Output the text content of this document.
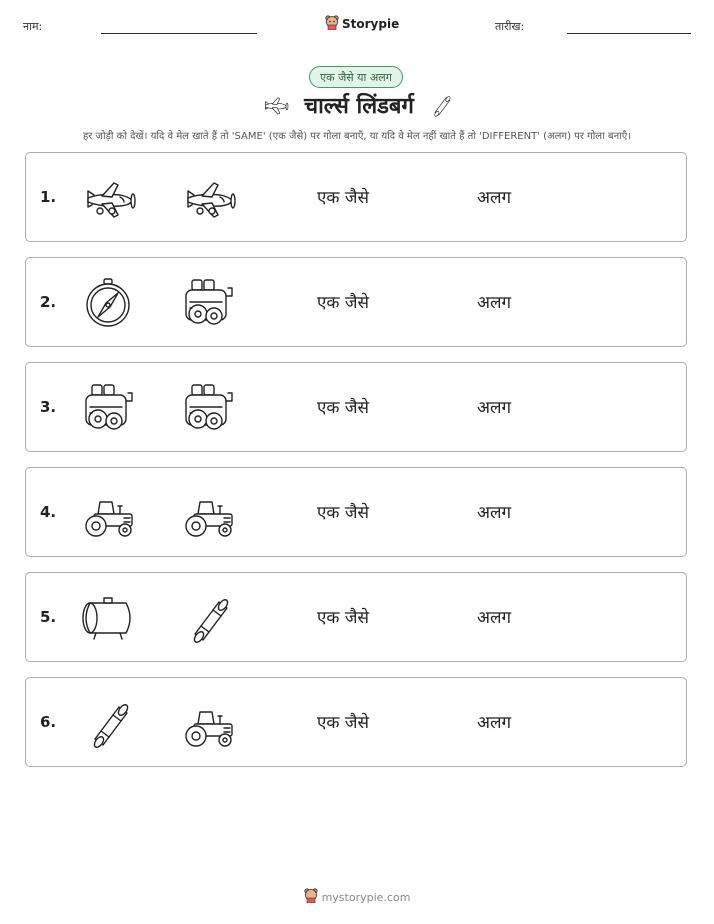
नाम:	Storypie	तारीख:
एक जैसे या अलग
चार्ल्स लिंडबर्ग
हर जोड़ी को देखें। यदि वे मेल खाते हैं तो 'SAME' (एक जैसे) पर गोला बनाएँ, या यदि वे मेल नहीं खाते हैं तो 'DIFFERENT' (अलग) पर गोला बनाएँ।
1.	एक जैसे	अलग
2.	एक जैसे	अलग
3.	एक जैसे	अलग
4.	एक जैसे	अलग
5.	एक जैसे	अलग
6.	एक जैसे	अलग
mystorypie.com
